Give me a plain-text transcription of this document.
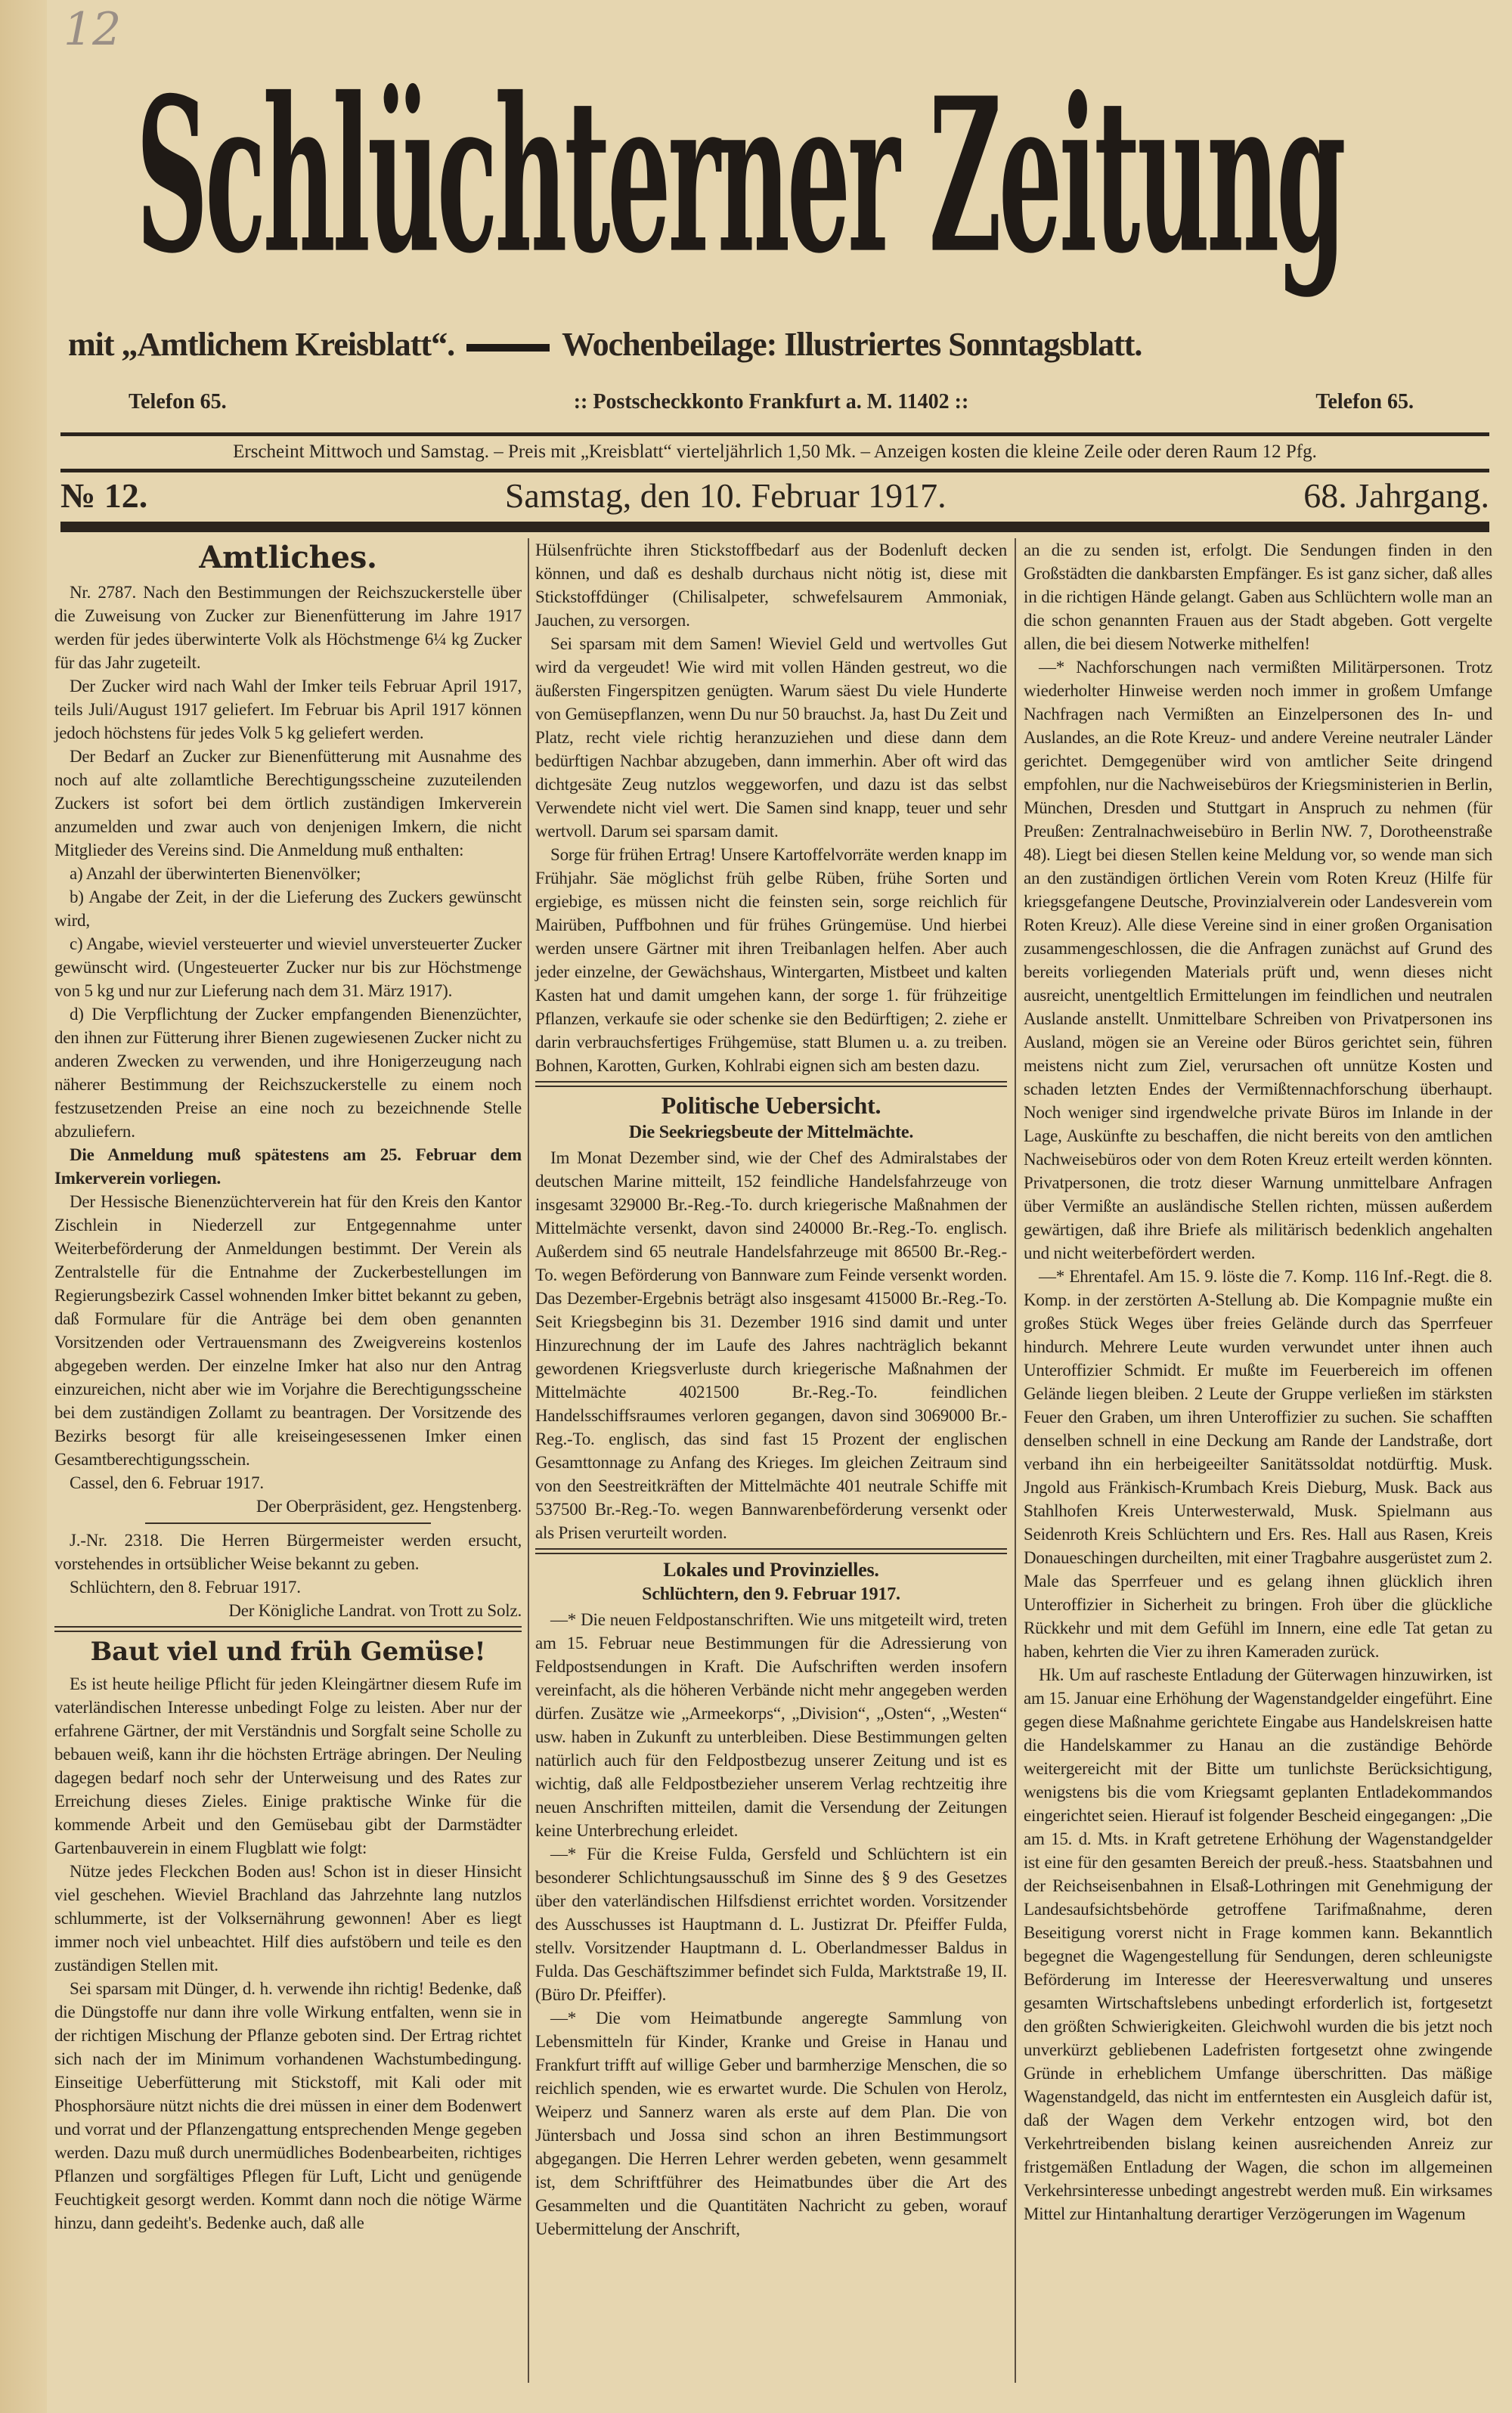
12
Schlüchterner Zeitung
mit „Amtlichem Kreisblatt“.	Wochenbeilage: Illustriertes Sonntagsblatt.
Telefon 65.	:: Postscheckkonto Frankfurt a. M. 11402 ::	Telefon 65.
Erscheint Mittwoch und Samstag. – Preis mit „Kreisblatt“ vierteljährlich 1,50 Mk. – Anzeigen kosten die kleine Zeile oder deren Raum 12 Pfg.
№ 12.	Samstag, den 10. Februar 1917.	68. Jahrgang.
Amtliches.

Nr. 2787. Nach den Bestimmungen der Reichszuckerstelle über die Zuweisung von Zucker zur Bienenfütterung im Jahre 1917 werden für jedes überwinterte Volk als Höchstmenge 6¼ kg Zucker für das Jahr zugeteilt.

Der Zucker wird nach Wahl der Imker teils Februar April 1917, teils Juli/August 1917 geliefert. Im Februar bis April 1917 können jedoch höchstens für jedes Volk 5 kg geliefert werden.

Der Bedarf an Zucker zur Bienenfütterung mit Ausnahme des noch auf alte zollamtliche Berechtigungsscheine zuzuteilenden Zuckers ist sofort bei dem örtlich zuständigen Imkerverein anzumelden und zwar auch von denjenigen Imkern, die nicht Mitglieder des Vereins sind. Die Anmeldung muß enthalten:

a) Anzahl der überwinterten Bienenvölker;

b) Angabe der Zeit, in der die Lieferung des Zuckers gewünscht wird,

c) Angabe, wieviel versteuerter und wieviel unversteuerter Zucker gewünscht wird. (Ungesteuerter Zucker nur bis zur Höchstmenge von 5 kg und nur zur Lieferung nach dem 31. März 1917).

d) Die Verpflichtung der Zucker empfangenden Bienenzüchter, den ihnen zur Fütterung ihrer Bienen zugewiesenen Zucker nicht zu anderen Zwecken zu verwenden, und ihre Honigerzeugung nach näherer Bestimmung der Reichszuckerstelle zu einem noch festzusetzenden Preise an eine noch zu bezeichnende Stelle abzuliefern.

Die Anmeldung muß spätestens am 25. Februar dem Imkerverein vorliegen.

Der Hessische Bienenzüchterverein hat für den Kreis den Kantor Zischlein in Niederzell zur Entgegennahme unter Weiterbeförderung der Anmeldungen bestimmt. Der Verein als Zentralstelle für die Entnahme der Zuckerbestellungen im Regierungsbezirk Cassel wohnenden Imker bittet bekannt zu geben, daß Formulare für die Anträge bei dem oben genannten Vorsitzenden oder Vertrauensmann des Zweigvereins kostenlos abgegeben werden. Der einzelne Imker hat also nur den Antrag einzureichen, nicht aber wie im Vorjahre die Berechtigungsscheine bei dem zuständigen Zollamt zu beantragen. Der Vorsitzende des Bezirks besorgt für alle kreiseingesessenen Imker einen Gesamtberechtigungsschein.

Cassel, den 6. Februar 1917.

Der Oberpräsident, gez. Hengstenberg.

J.-Nr. 2318. Die Herren Bürgermeister werden ersucht, vorstehendes in ortsüblicher Weise bekannt zu geben.

Schlüchtern, den 8. Februar 1917.

Der Königliche Landrat. von Trott zu Solz.

Baut viel und früh Gemüse!

Es ist heute heilige Pflicht für jeden Kleingärtner diesem Rufe im vaterländischen Interesse unbedingt Folge zu leisten. Aber nur der erfahrene Gärtner, der mit Verständnis und Sorgfalt seine Scholle zu bebauen weiß, kann ihr die höchsten Erträge abringen. Der Neuling dagegen bedarf noch sehr der Unterweisung und des Rates zur Erreichung dieses Zieles. Einige praktische Winke für die kommende Arbeit und den Gemüsebau gibt der Darmstädter Gartenbauverein in einem Flugblatt wie folgt:

Nütze jedes Fleckchen Boden aus! Schon ist in dieser Hinsicht viel geschehen. Wieviel Brachland das Jahrzehnte lang nutzlos schlummerte, ist der Volksernährung gewonnen! Aber es liegt immer noch viel unbeachtet. Hilf dies aufstöbern und teile es den zuständigen Stellen mit.

Sei sparsam mit Dünger, d. h. verwende ihn richtig! Bedenke, daß die Düngstoffe nur dann ihre volle Wirkung entfalten, wenn sie in der richtigen Mischung der Pflanze geboten sind. Der Ertrag richtet sich nach der im Minimum vorhandenen Wachstumbedingung. Einseitige Ueberfütterung mit Stickstoff, mit Kali oder mit Phosphorsäure nützt nichts die drei müssen in einer dem Bodenwert und vorrat und der Pflanzengattung entsprechenden Menge gegeben werden. Dazu muß durch unermüdliches Bodenbearbeiten, richtiges Pflanzen und sorgfältiges Pflegen für Luft, Licht und genügende Feuchtigkeit gesorgt werden. Kommt dann noch die nötige Wärme hinzu, dann gedeiht's. Bedenke auch, daß alle

Hülsenfrüchte ihren Stickstoffbedarf aus der Bodenluft decken können, und daß es deshalb durchaus nicht nötig ist, diese mit Stickstoffdünger (Chilisalpeter, schwefelsaurem Ammoniak, Jauchen, zu versorgen.

Sei sparsam mit dem Samen! Wieviel Geld und wertvolles Gut wird da vergeudet! Wie wird mit vollen Händen gestreut, wo die äußersten Fingerspitzen genügten. Warum säest Du viele Hunderte von Gemüsepflanzen, wenn Du nur 50 brauchst. Ja, hast Du Zeit und Platz, recht viele richtig heranzuziehen und diese dann dem bedürftigen Nachbar abzugeben, dann immerhin. Aber oft wird das dichtgesäte Zeug nutzlos weggeworfen, und dazu ist das selbst Verwendete nicht viel wert. Die Samen sind knapp, teuer und sehr wertvoll. Darum sei sparsam damit.

Sorge für frühen Ertrag! Unsere Kartoffelvorräte werden knapp im Frühjahr. Säe möglichst früh gelbe Rüben, frühe Sorten und ergiebige, es müssen nicht die feinsten sein, sorge reichlich für Mairüben, Puffbohnen und für frühes Grüngemüse. Und hierbei werden unsere Gärtner mit ihren Treibanlagen helfen. Aber auch jeder einzelne, der Gewächshaus, Wintergarten, Mistbeet und kalten Kasten hat und damit umgehen kann, der sorge 1. für frühzeitige Pflanzen, verkaufe sie oder schenke sie den Bedürftigen; 2. ziehe er darin verbrauchsfertiges Frühgemüse, statt Blumen u. a. zu treiben. Bohnen, Karotten, Gurken, Kohlrabi eignen sich am besten dazu.

Politische Uebersicht.
Die Seekriegsbeute der Mittelmächte.

Im Monat Dezember sind, wie der Chef des Admiralstabes der deutschen Marine mitteilt, 152 feindliche Handelsfahrzeuge von insgesamt 329000 Br.-Reg.-To. durch kriegerische Maßnahmen der Mittelmächte versenkt, davon sind 240000 Br.-Reg.-To. englisch. Außerdem sind 65 neutrale Handelsfahrzeuge mit 86500 Br.-Reg.-To. wegen Beförderung von Bannware zum Feinde versenkt worden. Das Dezember-Ergebnis beträgt also insgesamt 415000 Br.-Reg.-To. Seit Kriegsbeginn bis 31. Dezember 1916 sind damit und unter Hinzurechnung der im Laufe des Jahres nachträglich bekannt gewordenen Kriegsverluste durch kriegerische Maßnahmen der Mittelmächte 4021500 Br.-Reg.-To. feindlichen Handelsschiffsraumes verloren gegangen, davon sind 3069000 Br.-Reg.-To. englisch, das sind fast 15 Prozent der englischen Gesamttonnage zu Anfang des Krieges. Im gleichen Zeitraum sind von den Seestreitkräften der Mittelmächte 401 neutrale Schiffe mit 537500 Br.-Reg.-To. wegen Bannwarenbeförderung versenkt oder als Prisen verurteilt worden.

Lokales und Provinzielles.
Schlüchtern, den 9. Februar 1917.

—* Die neuen Feldpostanschriften. Wie uns mitgeteilt wird, treten am 15. Februar neue Bestimmungen für die Adressierung von Feldpostsendungen in Kraft. Die Aufschriften werden insofern vereinfacht, als die höheren Verbände nicht mehr angegeben werden dürfen. Zusätze wie „Armeekorps“, „Division“, „Osten“, „Westen“ usw. haben in Zukunft zu unterbleiben. Diese Bestimmungen gelten natürlich auch für den Feldpostbezug unserer Zeitung und ist es wichtig, daß alle Feldpostbezieher unserem Verlag rechtzeitig ihre neuen Anschriften mitteilen, damit die Versendung der Zeitungen keine Unterbrechung erleidet.

—* Für die Kreise Fulda, Gersfeld und Schlüchtern ist ein besonderer Schlichtungsausschuß im Sinne des § 9 des Gesetzes über den vaterländischen Hilfsdienst errichtet worden. Vorsitzender des Ausschusses ist Hauptmann d. L. Justizrat Dr. Pfeiffer Fulda, stellv. Vorsitzender Hauptmann d. L. Oberlandmesser Baldus in Fulda. Das Geschäftszimmer befindet sich Fulda, Marktstraße 19, II. (Büro Dr. Pfeiffer).

—* Die vom Heimatbunde angeregte Sammlung von Lebensmitteln für Kinder, Kranke und Greise in Hanau und Frankfurt trifft auf willige Geber und barmherzige Menschen, die so reichlich spenden, wie es erwartet wurde. Die Schulen von Herolz, Weiperz und Sannerz waren als erste auf dem Plan. Die von Jüntersbach und Jossa sind schon an ihren Bestimmungsort abgegangen. Die Herren Lehrer werden gebeten, wenn gesammelt ist, dem Schriftführer des Heimatbundes über die Art des Gesammelten und die Quantitäten Nachricht zu geben, worauf Uebermittelung der Anschrift,

an die zu senden ist, erfolgt. Die Sendungen finden in den Großstädten die dankbarsten Empfänger. Es ist ganz sicher, daß alles in die richtigen Hände gelangt. Gaben aus Schlüchtern wolle man an die schon genannten Frauen aus der Stadt abgeben. Gott vergelte allen, die bei diesem Notwerke mithelfen!

—* Nachforschungen nach vermißten Militärpersonen. Trotz wiederholter Hinweise werden noch immer in großem Umfange Nachfragen nach Vermißten an Einzelpersonen des In- und Auslandes, an die Rote Kreuz- und andere Vereine neutraler Länder gerichtet. Demgegenüber wird von amtlicher Seite dringend empfohlen, nur die Nachweisebüros der Kriegsministerien in Berlin, München, Dresden und Stuttgart in Anspruch zu nehmen (für Preußen: Zentralnachweisebüro in Berlin NW. 7, Dorotheenstraße 48). Liegt bei diesen Stellen keine Meldung vor, so wende man sich an den zuständigen örtlichen Verein vom Roten Kreuz (Hilfe für kriegsgefangene Deutsche, Provinzialverein oder Landesverein vom Roten Kreuz). Alle diese Vereine sind in einer großen Organisation zusammengeschlossen, die die Anfragen zunächst auf Grund des bereits vorliegenden Materials prüft und, wenn dieses nicht ausreicht, unentgeltlich Ermittelungen im feindlichen und neutralen Auslande anstellt. Unmittelbare Schreiben von Privatpersonen ins Ausland, mögen sie an Vereine oder Büros gerichtet sein, führen meistens nicht zum Ziel, verursachen oft unnütze Kosten und schaden letzten Endes der Vermißtennachforschung überhaupt. Noch weniger sind irgendwelche private Büros im Inlande in der Lage, Auskünfte zu beschaffen, die nicht bereits von den amtlichen Nachweisebüros oder von dem Roten Kreuz erteilt werden könnten. Privatpersonen, die trotz dieser Warnung unmittelbare Anfragen über Vermißte an ausländische Stellen richten, müssen außerdem gewärtigen, daß ihre Briefe als militärisch bedenklich angehalten und nicht weiterbefördert werden.

—* Ehrentafel. Am 15. 9. löste die 7. Komp. 116 Inf.-Regt. die 8. Komp. in der zerstörten A-Stellung ab. Die Kompagnie mußte ein großes Stück Weges über freies Gelände durch das Sperrfeuer hindurch. Mehrere Leute wurden verwundet unter ihnen auch Unteroffizier Schmidt. Er mußte im Feuerbereich im offenen Gelände liegen bleiben. 2 Leute der Gruppe verließen im stärksten Feuer den Graben, um ihren Unteroffizier zu suchen. Sie schafften denselben schnell in eine Deckung am Rande der Landstraße, dort verband ihn ein herbeigeeilter Sanitätssoldat notdürftig. Musk. Jngold aus Fränkisch-Krumbach Kreis Dieburg, Musk. Back aus Stahlhofen Kreis Unterwesterwald, Musk. Spielmann aus Seidenroth Kreis Schlüchtern und Ers. Res. Hall aus Rasen, Kreis Donaueschingen durcheilten, mit einer Tragbahre ausgerüstet zum 2. Male das Sperrfeuer und es gelang ihnen glücklich ihren Unteroffizier in Sicherheit zu bringen. Froh über die glückliche Rückkehr und mit dem Gefühl im Innern, eine edle Tat getan zu haben, kehrten die Vier zu ihren Kameraden zurück.

Hk. Um auf rascheste Entladung der Güterwagen hinzuwirken, ist am 15. Januar eine Erhöhung der Wagenstandgelder eingeführt. Eine gegen diese Maßnahme gerichtete Eingabe aus Handelskreisen hatte die Handelskammer zu Hanau an die zuständige Behörde weitergereicht mit der Bitte um tunlichste Berücksichtigung, wenigstens bis die vom Kriegsamt geplanten Entladekommandos eingerichtet seien. Hierauf ist folgender Bescheid eingegangen: „Die am 15. d. Mts. in Kraft getretene Erhöhung der Wagenstandgelder ist eine für den gesamten Bereich der preuß.-hess. Staatsbahnen und der Reichseisenbahnen in Elsaß-Lothringen mit Genehmigung der Landesaufsichtsbehörde getroffene Tarifmaßnahme, deren Beseitigung vorerst nicht in Frage kommen kann. Bekanntlich begegnet die Wagengestellung für Sendungen, deren schleunigste Beförderung im Interesse der Heeresverwaltung und unseres gesamten Wirtschaftslebens unbedingt erforderlich ist, fortgesetzt den größten Schwierigkeiten. Gleichwohl wurden die bis jetzt noch unverkürzt gebliebenen Ladefristen fortgesetzt ohne zwingende Gründe in erheblichem Umfange überschritten. Das mäßige Wagenstandgeld, das nicht im entferntesten ein Ausgleich dafür ist, daß der Wagen dem Verkehr entzogen wird, bot den Verkehrtreibenden bislang keinen ausreichenden Anreiz zur fristgemäßen Entladung der Wagen, die schon im allgemeinen Verkehrsinteresse unbedingt angestrebt werden muß. Ein wirksames Mittel zur Hintanhaltung derartiger Verzögerungen im Wagenum
